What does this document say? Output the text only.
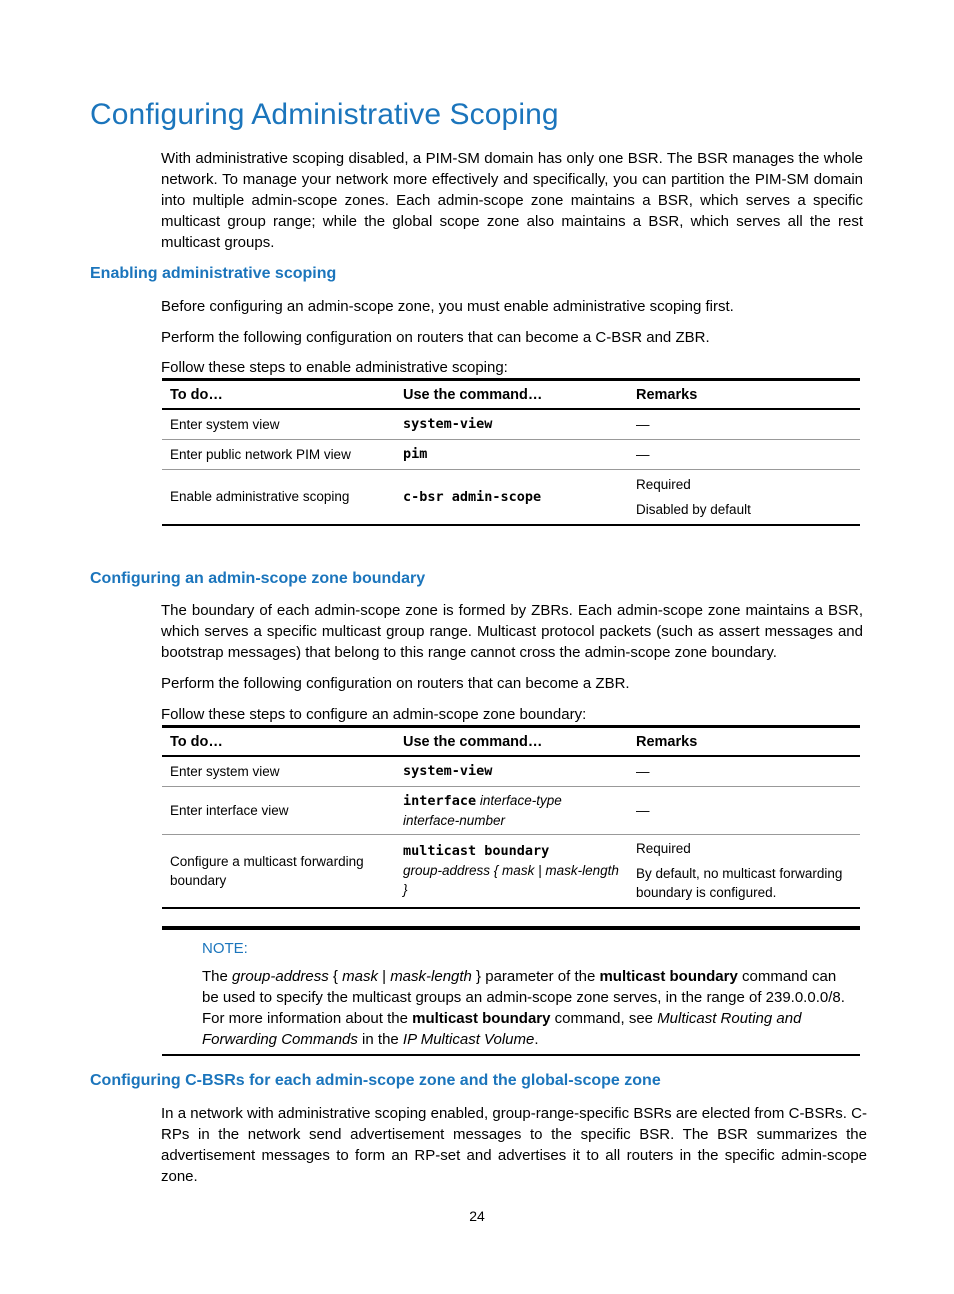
Configuring Administrative Scoping

With administrative scoping disabled, a PIM-SM domain has only one BSR. The BSR manages the whole network. To manage your network more effectively and specifically, you can partition the PIM-SM domain into multiple admin-scope zones. Each admin-scope zone maintains a BSR, which serves a specific multicast group range; while the global scope zone also maintains a BSR, which serves all the rest multicast groups.

Enabling administrative scoping

Before configuring an admin-scope zone, you must enable administrative scoping first.

Perform the following configuration on routers that can become a C-BSR and ZBR.

Follow these steps to enable administrative scoping:

To do…	Use the command…	Remarks
Enter system view	system-view	—
Enter public network PIM view	pim	—
Enable administrative scoping	c-bsr admin-scope	Required
Disabled by default
Configuring an admin-scope zone boundary

The boundary of each admin-scope zone is formed by ZBRs. Each admin-scope zone maintains a BSR, which serves a specific multicast group range. Multicast protocol packets (such as assert messages and bootstrap messages) that belong to this range cannot cross the admin-scope zone boundary.

Perform the following configuration on routers that can become a ZBR.

Follow these steps to configure an admin-scope zone boundary:

To do…	Use the command…	Remarks
Enter system view	system-view	—
Enter interface view	interface interface-type interface-number	—
Configure a multicast forwarding boundary	multicast boundary
group-address { mask | mask-length }	Required
By default, no multicast forwarding boundary is configured.
NOTE:
The group-address { mask | mask-length } parameter of the multicast boundary command can be used to specify the multicast groups an admin-scope zone serves, in the range of 239.0.0.0/8. For more information about the multicast boundary command, see Multicast Routing and Forwarding Commands in the IP Multicast Volume.
Configuring C-BSRs for each admin-scope zone and the global-scope zone

In a network with administrative scoping enabled, group-range-specific BSRs are elected from C-BSRs. C-RPs in the network send advertisement messages to the specific BSR. The BSR summarizes the advertisement messages to form an RP-set and advertises it to all routers in the specific admin-scope zone.

24
